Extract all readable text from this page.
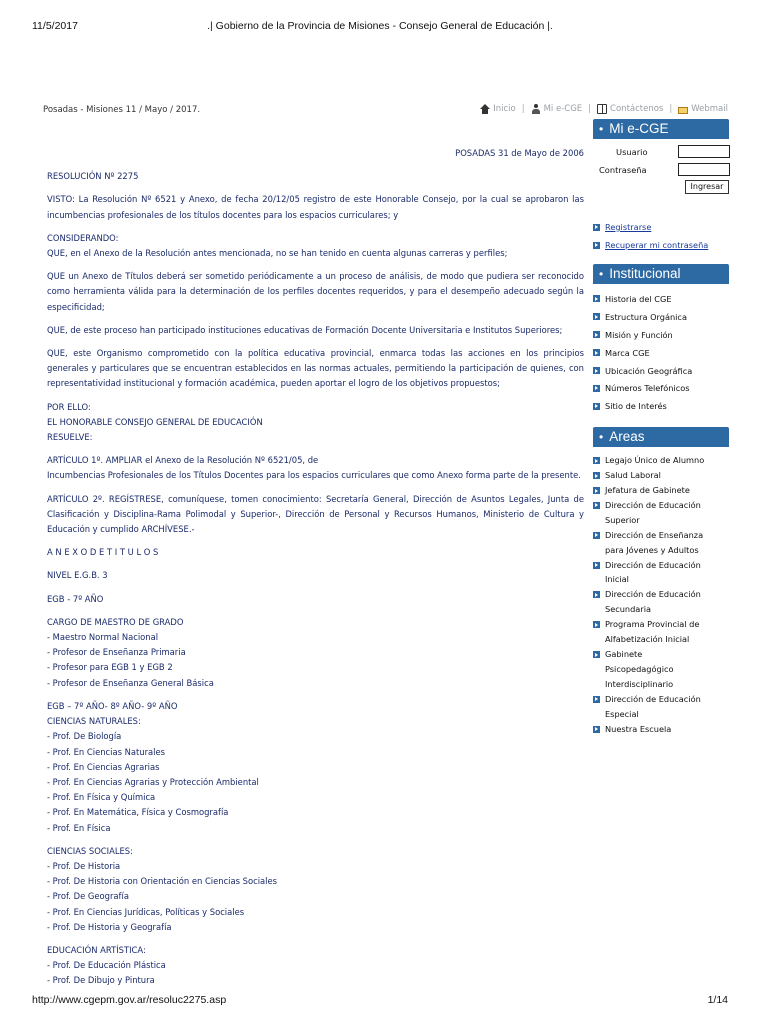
11/5/2017	.| Gobierno de la Provincia de Misiones - Consejo General de Educación |.
Posadas - Misiones 11 / Mayo / 2017.	Inicio | Mi e-CGE | Contáctenos | Webmail

POSADAS 31 de Mayo de 2006

RESOLUCIÓN Nº 2275

VISTO: La Resolución Nº 6521 y Anexo, de fecha 20/12/05 registro de este Honorable Consejo, por la cual se aprobaron las incumbencias profesionales de los títulos docentes para los espacios curriculares; y

CONSIDERANDO:

QUE, en el Anexo de la Resolución antes mencionada, no se han tenido en cuenta algunas carreras y perfiles;

QUE un Anexo de Títulos deberá ser sometido periódicamente a un proceso de análisis, de modo que pudiera ser reconocido como herramienta válida para la determinación de los perfiles docentes requeridos, y para el desempeño adecuado según la especificidad;

QUE, de este proceso han participado instituciones educativas de Formación Docente Universitaria e Institutos Superiores;

QUE, este Organismo comprometido con la política educativa provincial, enmarca todas las acciones en los principios generales y particulares que se encuentran establecidos en las normas actuales, permitiendo la participación de quienes, con representatividad institucional y formación académica, pueden aportar el logro de los objetivos propuestos;

POR ELLO:

EL HONORABLE CONSEJO GENERAL DE EDUCACIÓN

RESUELVE:

ARTÍCULO 1º. AMPLIAR el Anexo de la Resolución Nº 6521/05, de

Incumbencias Profesionales de los Títulos Docentes para los espacios curriculares que como Anexo forma parte de la presente.

ARTÍCULO 2º. REGÍSTRESE, comuníquese, tomen conocimiento: Secretaría General, Dirección de Asuntos Legales, Junta de Clasificación y Disciplina-Rama Polimodal y Superior-, Dirección de Personal y Recursos Humanos, Ministerio de Cultura y Educación y cumplido ARCHÍVESE.-

A N E X O D E T I T U L O S

NIVEL E.G.B. 3

EGB - 7º AÑO

CARGO DE MAESTRO DE GRADO

- Maestro Normal Nacional

- Profesor de Enseñanza Primaria

- Profesor para EGB 1 y EGB 2

- Profesor de Enseñanza General Básica

EGB – 7º AÑO- 8º AÑO- 9º AÑO

CIENCIAS NATURALES:

- Prof. De Biología

- Prof. En Ciencias Naturales

- Prof. En Ciencias Agrarias

- Prof. En Ciencias Agrarias y Protección Ambiental

- Prof. En Física y Química

- Prof. En Matemática, Física y Cosmografía

- Prof. En Física

CIENCIAS SOCIALES:

- Prof. De Historia

- Prof. De Historia con Orientación en Ciencias Sociales

- Prof. De Geografía

- Prof. En Ciencias Jurídicas, Políticas y Sociales

- Prof. De Historia y Geografía

EDUCACIÓN ARTÍSTICA:

- Prof. De Educación Plástica

- Prof. De Dibujo y Pintura

• Mi e-CGE
Usuario
Contraseña
Ingresar
Registrarse
Recuperar mi contraseña
• Institucional
Historia del CGE
Estructura Orgánica
Misión y Función
Marca CGE
Ubicación Geográfica
Números Telefónicos
Sitio de Interés
• Areas
Legajo Único de Alumno
Salud Laboral
Jefatura de Gabinete
Dirección de Educación
Superior
Dirección de Enseñanza
para Jóvenes y Adultos
Dirección de Educación
Inicial
Dirección de Educación
Secundaria
Programa Provincial de
Alfabetización Inicial
Gabinete
Psicopedagógico
Interdisciplinario
Dirección de Educación
Especial
Nuestra Escuela
http://www.cgepm.gov.ar/resoluc2275.asp	1/14
